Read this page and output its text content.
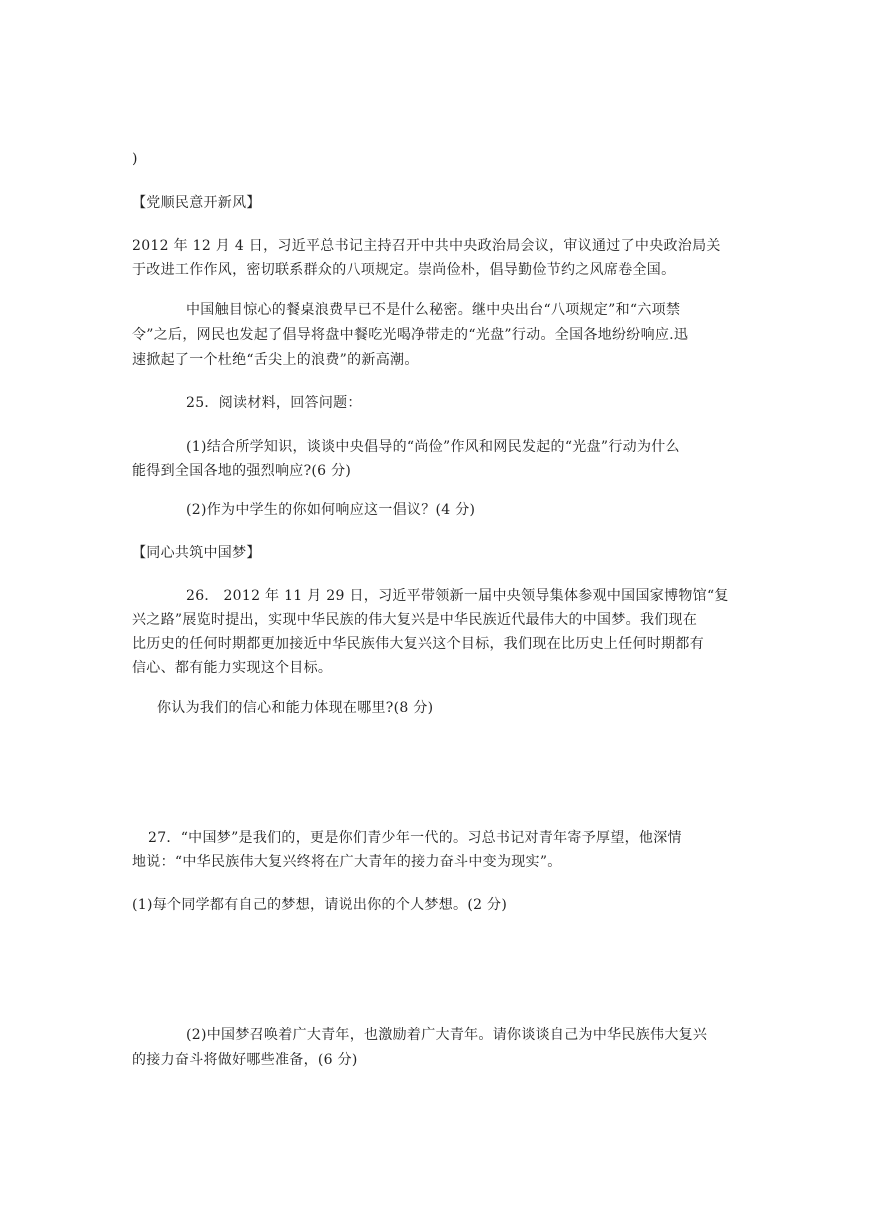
)
【党顺民意开新风】
2012 年 12 月 4 日，习近平总书记主持召开中共中央政治局会议，审议通过了中央政治局关
于改进工作作风，密切联系群众的八项规定。崇尚俭朴，倡导勤俭节约之风席卷全国。
中国触目惊心的餐桌浪费早已不是什么秘密。继中央出台“八项规定”和“六项禁
令”之后，网民也发起了倡导将盘中餐吃光喝净带走的“光盘”行动。全国各地纷纷响应.迅
速掀起了一个杜绝“舌尖上的浪费”的新高潮。
25．阅读材料，回答问题：
(1)结合所学知识，谈谈中央倡导的“尚俭”作风和网民发起的“光盘”行动为什么
能得到全国各地的强烈响应?(6 分)
(2)作为中学生的你如何响应这一倡议？(4 分)
【同心共筑中国梦】
26． 2012 年 11 月 29 日，习近平带领新一届中央领导集体参观中国国家博物馆“复
兴之路”展览时提出，实现中华民族的伟大复兴是中华民族近代最伟大的中国梦。我们现在
比历史的任何时期都更加接近中华民族伟大复兴这个目标，我们现在比历史上任何时期都有
信心、都有能力实现这个目标。
你认为我们的信心和能力体现在哪里?(8 分)
27．“中国梦”是我们的，更是你们青少年一代的。习总书记对青年寄予厚望，他深情
地说：“中华民族伟大复兴终将在广大青年的接力奋斗中变为现实”。
(1)每个同学都有自己的梦想，请说出你的个人梦想。(2 分)
(2)中国梦召唤着广大青年，也激励着广大青年。请你谈谈自己为中华民族伟大复兴
的接力奋斗将做好哪些准备，(6 分)
